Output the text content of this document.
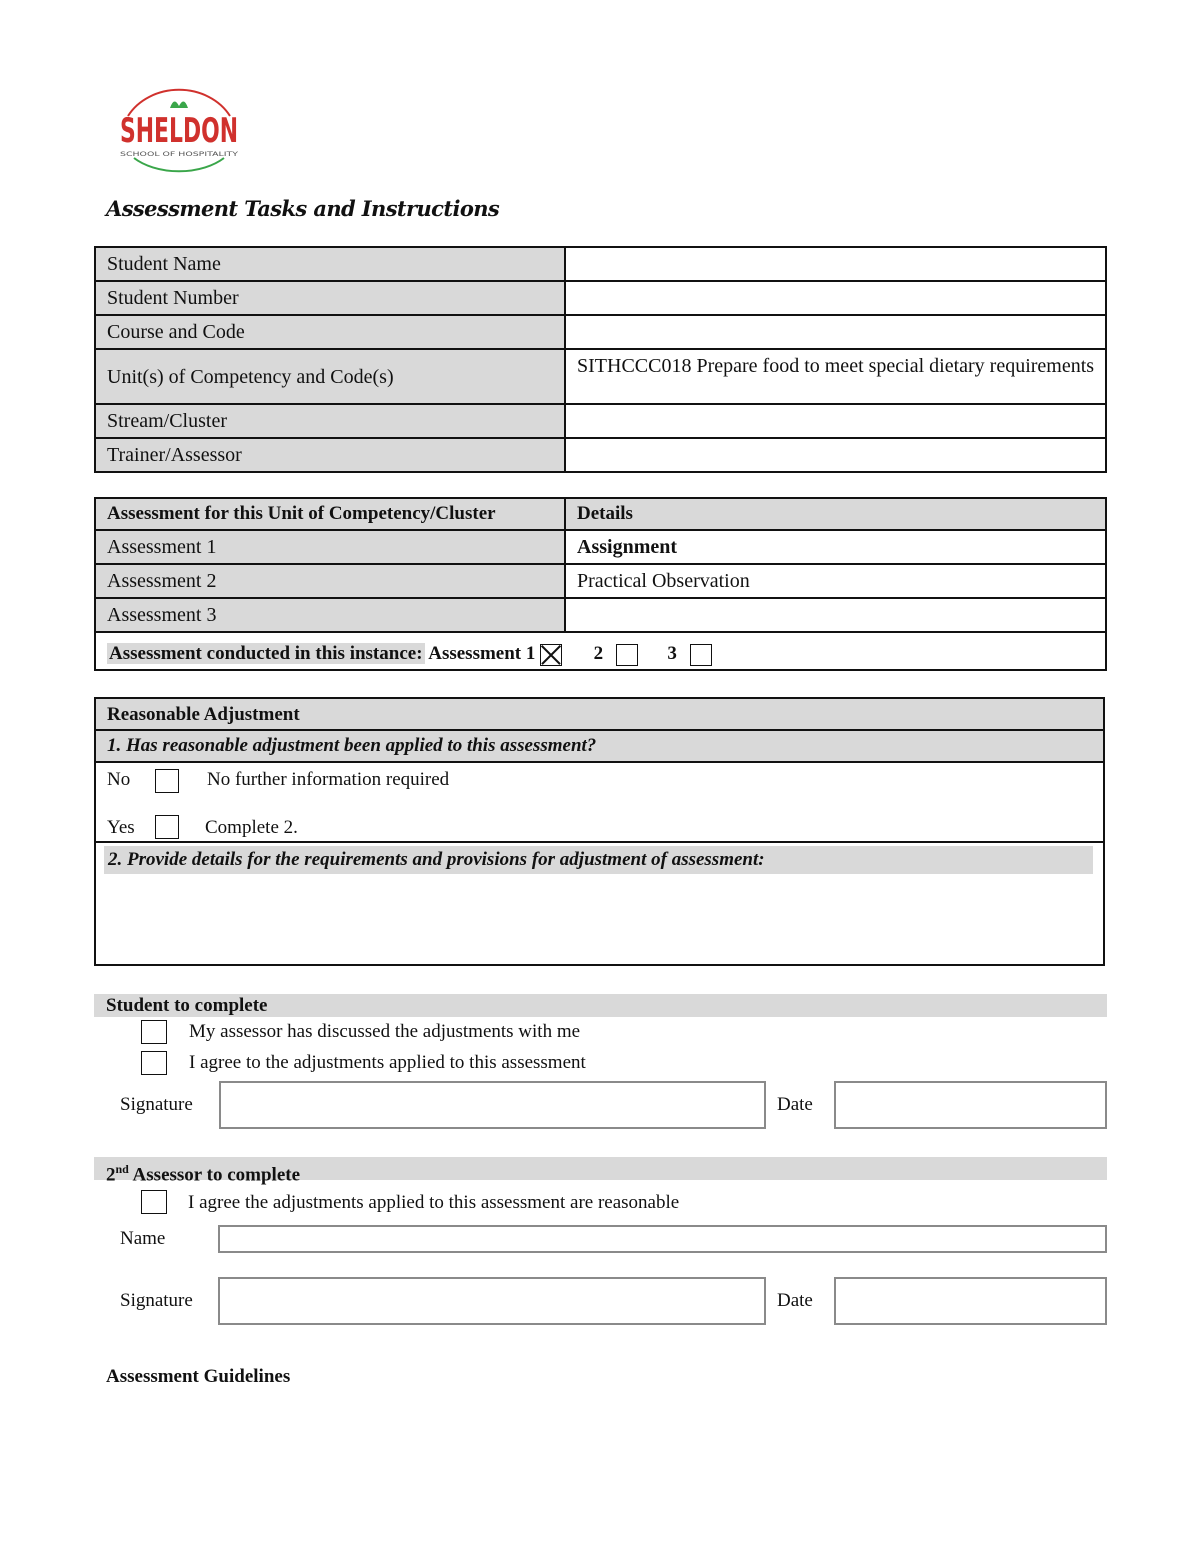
SHELDON
SCHOOL OF HOSPITALITY
Assessment Tasks and Instructions
Student Name	
Student Number	
Course and Code	
Unit(s) of Competency and Code(s)	SITHCCC018 Prepare food to meet special dietary requirements
Stream/Cluster	
Trainer/Assessor	
Assessment for this Unit of Competency/Cluster	Details
Assessment 1	Assignment
Assessment 2	Practical Observation
Assessment 3	
Assessment conducted in this instance: Assessment 1 2 3	
Reasonable Adjustment
1. Has reasonable adjustment been applied to this assessment?
No	No further information required
Yes	Complete 2.
2. Provide details for the requirements and provisions for adjustment of assessment:
Student to complete
My assessor has discussed the adjustments with me
I agree to the adjustments applied to this assessment
Signature	Date
2nd Assessor to complete
I agree the adjustments applied to this assessment are reasonable
Name
Signature	Date
Assessment Guidelines
